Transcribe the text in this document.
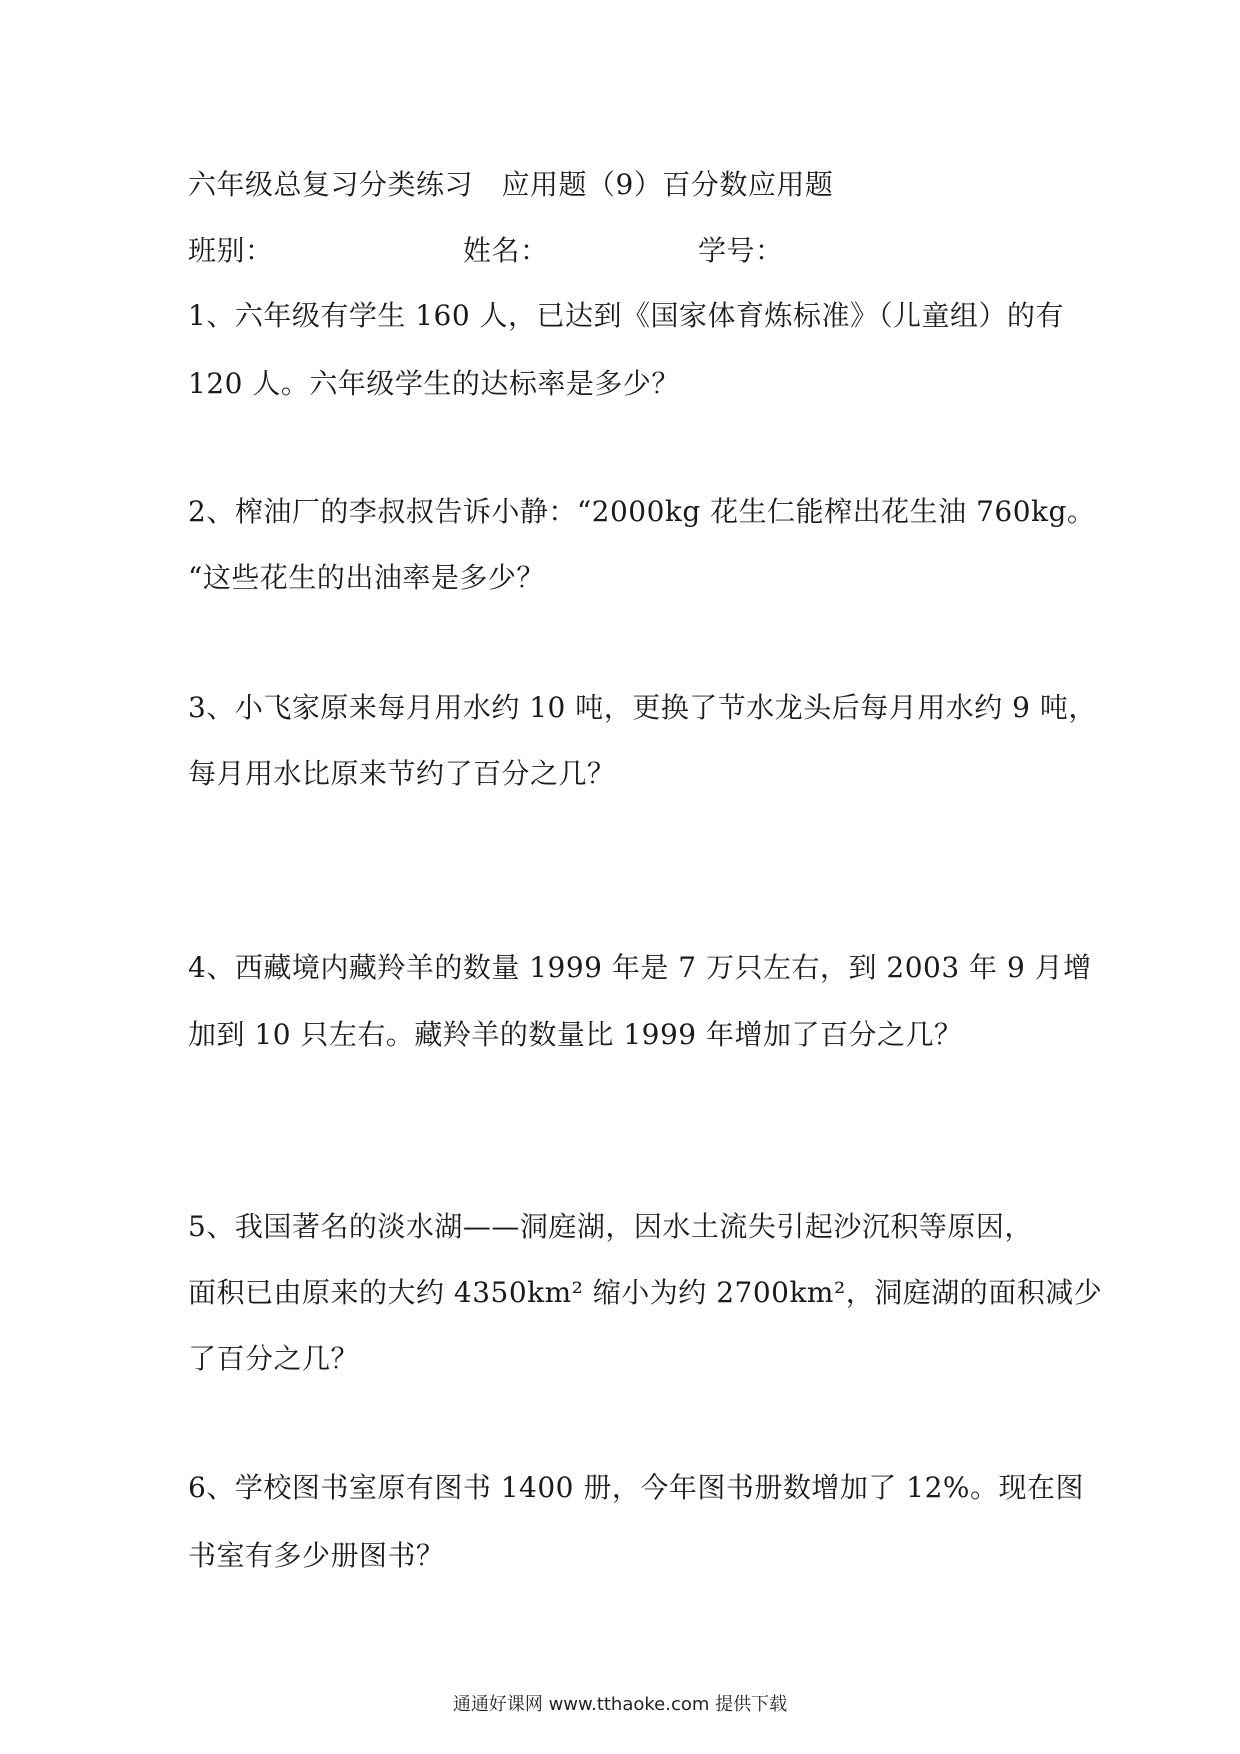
六年级总复习分类练习　应用题（9）百分数应用题
班别：	姓名：	学号：
1、六年级有学生 160 人，已达到《国家体育炼标准》（儿童组）的有
120 人。六年级学生的达标率是多少？
2、榨油厂的李叔叔告诉小静：“2000kg 花生仁能榨出花生油 760kg。
“这些花生的出油率是多少？
3、小飞家原来每月用水约 10 吨，更换了节水龙头后每月用水约 9 吨，
每月用水比原来节约了百分之几？
4、西藏境内藏羚羊的数量 1999 年是 7 万只左右，到 2003 年 9 月增
加到 10 只左右。藏羚羊的数量比 1999 年增加了百分之几？
5、我国著名的淡水湖——洞庭湖，因水土流失引起沙沉积等原因，
面积已由原来的大约 4350km² 缩小为约 2700km²，洞庭湖的面积减少
了百分之几？
6、学校图书室原有图书 1400 册，今年图书册数增加了 12%。现在图
书室有多少册图书？
通通好课网 www.tthaoke.com 提供下载
